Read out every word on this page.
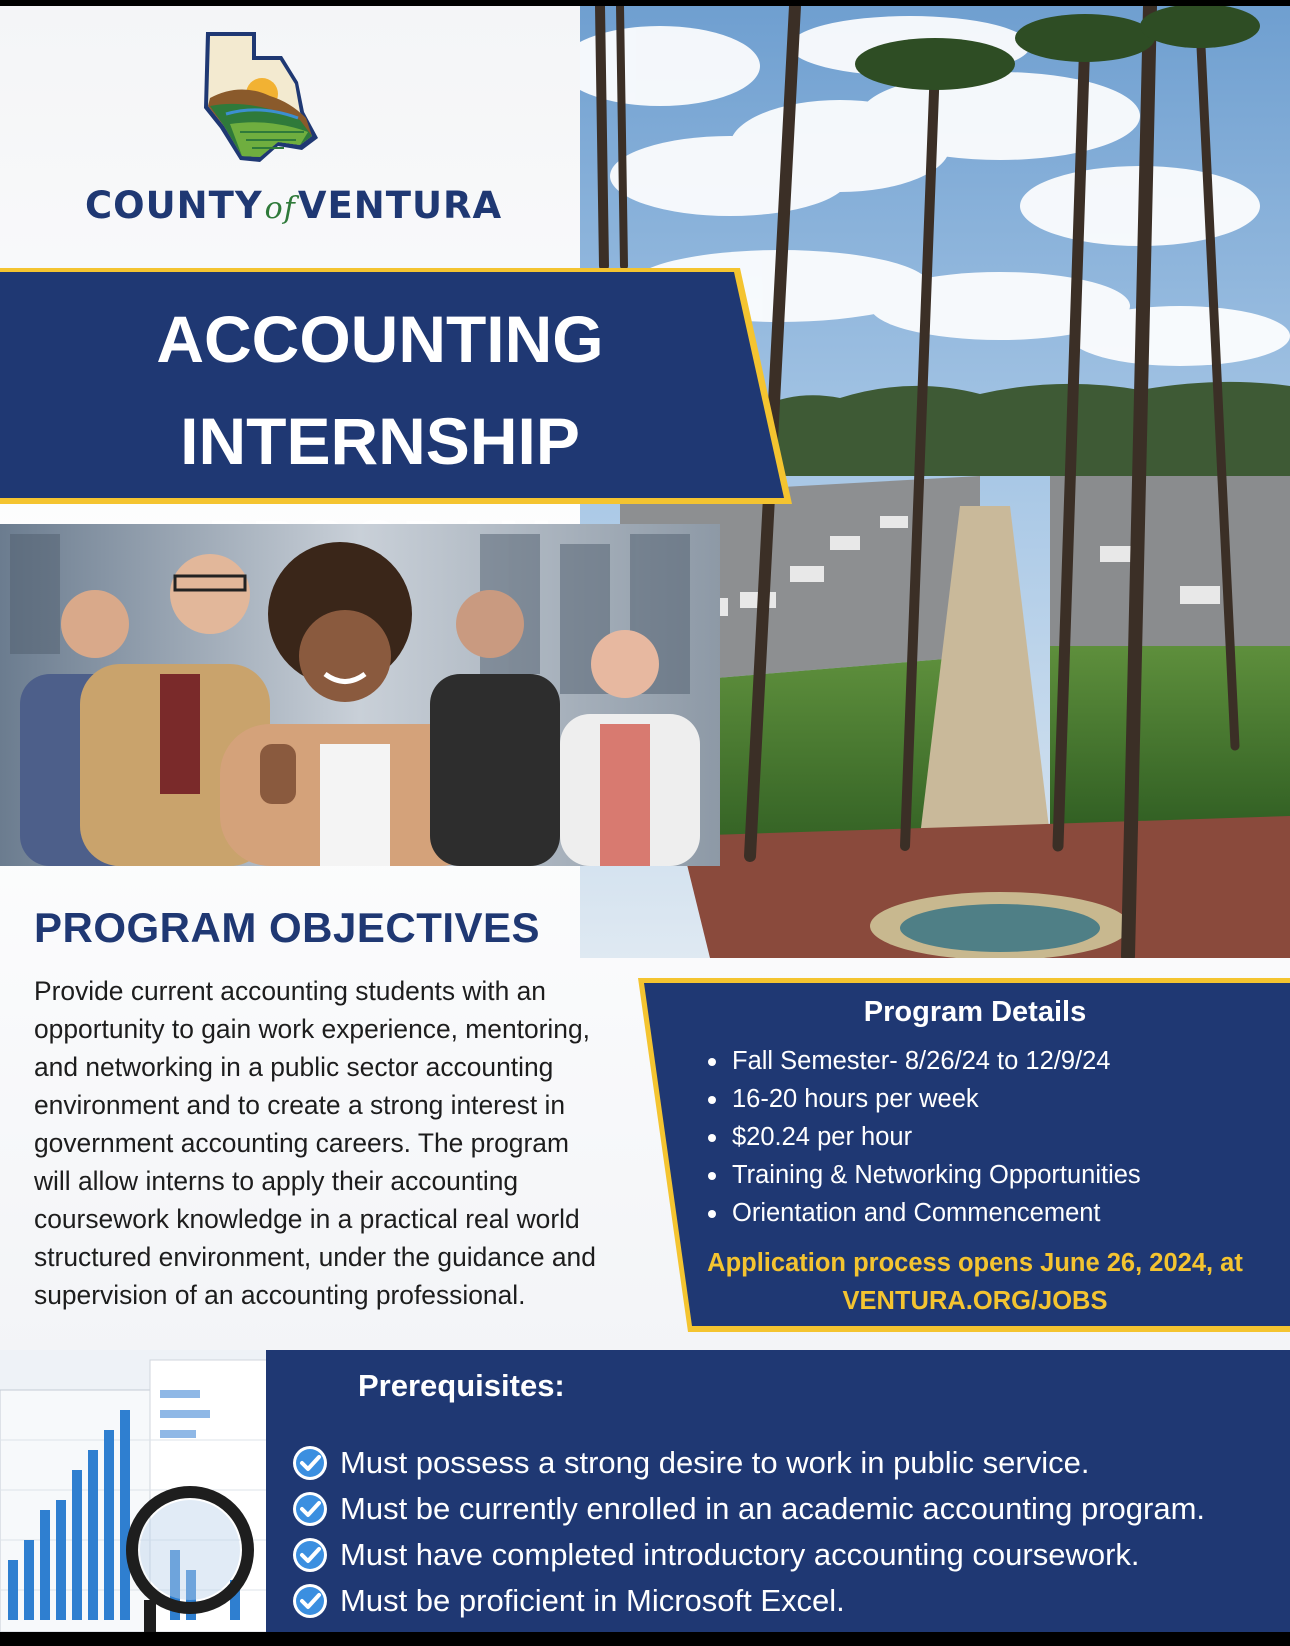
COUNTYofVENTURA
ACCOUNTING
INTERNSHIP
PROGRAM OBJECTIVES
Provide current accounting students with an
opportunity to gain work experience, mentoring,
and networking in a public sector accounting
environment and to create a strong interest in
government accounting careers. The program
will allow interns to apply their accounting
coursework knowledge in a practical real world
structured environment, under the guidance and
supervision of an accounting professional.
Program Details
Fall Semester- 8/26/24 to 12/9/24
16-20 hours per week
$20.24 per hour
Training & Networking Opportunities
Orientation and Commencement
Application process opens June 26, 2024, at
VENTURA.ORG/JOBS
Prerequisites:
Must possess a strong desire to work in public service.
Must be currently enrolled in an academic accounting program.
Must have completed introductory accounting coursework.
Must be proficient in Microsoft Excel.
